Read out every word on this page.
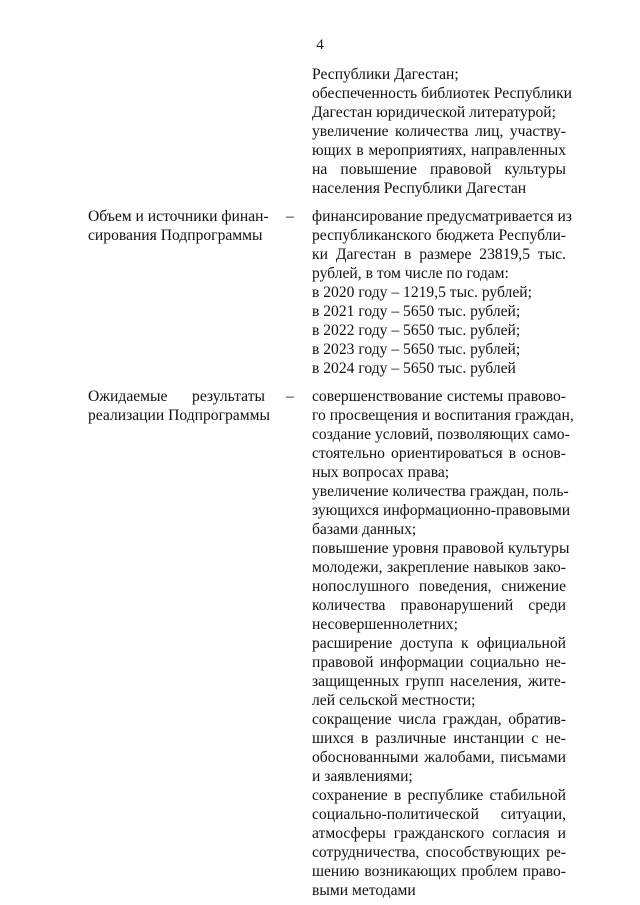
4
Республики Дагестан;
обеспеченность библиотек Республики
Дагестан юридической литературой;
увеличение количества лиц, участву-
ющих в мероприятиях, направленных
на повышение правовой культуры
населения Республики Дагестан
Объем и источники финан-
сирования Подпрограммы
– финансирование предусматривается из
республиканского бюджета Республи-
ки Дагестан в размере 23819,5 тыс.
рублей, в том числе по годам:
в 2020 году – 1219,5 тыс. рублей;
в 2021 году – 5650 тыс. рублей;
в 2022 году – 5650 тыс. рублей;
в 2023 году – 5650 тыс. рублей;
в 2024 году – 5650 тыс. рублей
Ожидаемые результаты
реализации Подпрограммы
– совершенствование системы правово-
го просвещения и воспитания граждан,
создание условий, позволяющих само-
стоятельно ориентироваться в основ-
ных вопросах права;
увеличение количества граждан, поль-
зующихся информационно-правовыми
базами данных;
повышение уровня правовой культуры
молодежи, закрепление навыков зако-
нопослушного поведения, снижение
количества правонарушений среди
несовершеннолетних;
расширение доступа к официальной
правовой информации социально не-
защищенных групп населения, жите-
лей сельской местности;
сокращение числа граждан, обратив-
шихся в различные инстанции с не-
обоснованными жалобами, письмами
и заявлениями;
сохранение в республике стабильной
социально-политической ситуации,
атмосферы гражданского согласия и
сотрудничества, способствующих ре-
шению возникающих проблем право-
выми методами
